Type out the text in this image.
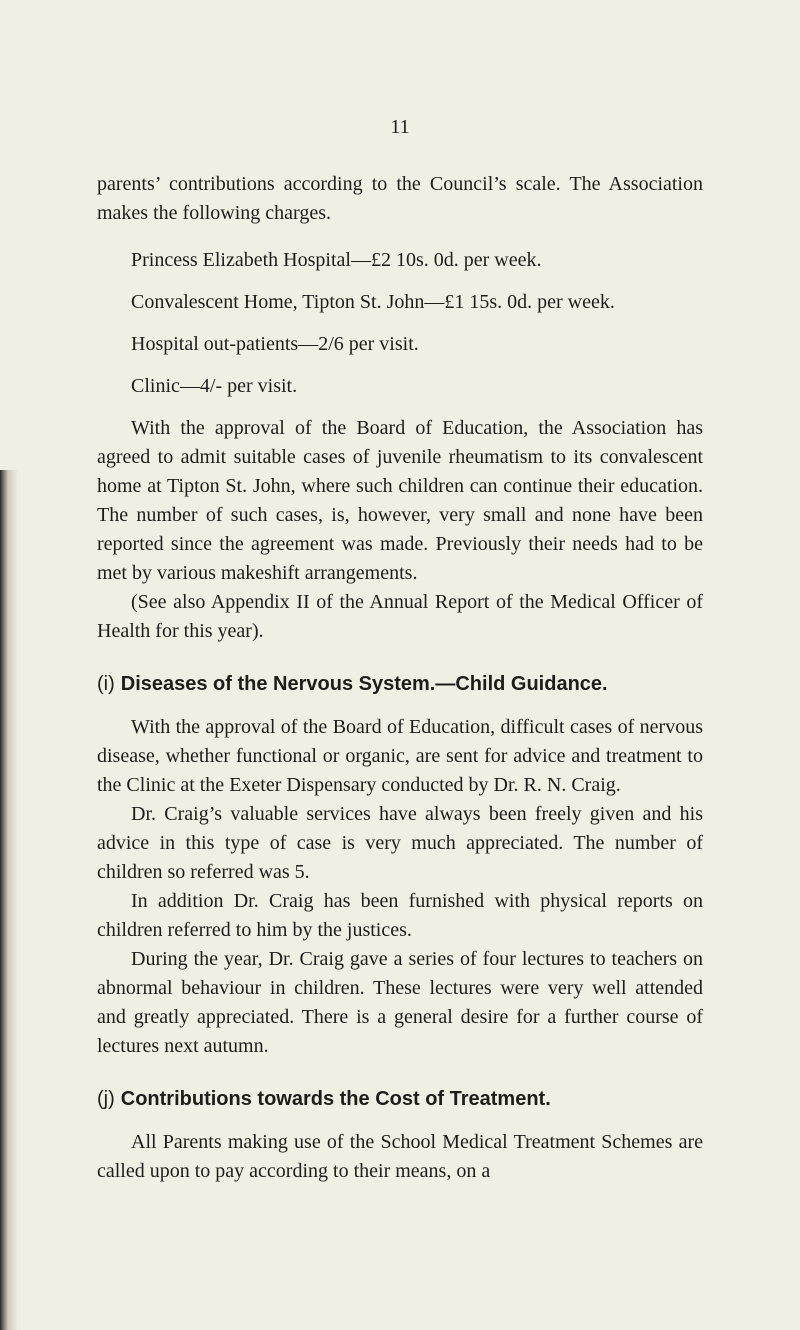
11

parents’ contributions according to the Council’s scale. The Association makes the following charges.

Princess Elizabeth Hospital—£2 10s. 0d. per week.
Convalescent Home, Tipton St. John—£1 15s. 0d. per week.
Hospital out-patients—2/6 per visit.
Clinic—4/- per visit.

With the approval of the Board of Education, the Association has agreed to admit suitable cases of juvenile rheumatism to its convalescent home at Tipton St. John, where such children can continue their education. The number of such cases, is, however, very small and none have been reported since the agreement was made. Previously their needs had to be met by various makeshift arrangements.

(See also Appendix II of the Annual Report of the Medical Officer of Health for this year).

(i) Diseases of the Nervous System.—Child Guidance.

With the approval of the Board of Education, difficult cases of nervous disease, whether functional or organic, are sent for advice and treatment to the Clinic at the Exeter Dispensary conducted by Dr. R. N. Craig.

Dr. Craig’s valuable services have always been freely given and his advice in this type of case is very much appreciated. The number of children so referred was 5.

In addition Dr. Craig has been furnished with physical reports on children referred to him by the justices.

During the year, Dr. Craig gave a series of four lectures to teachers on abnormal behaviour in children. These lectures were very well attended and greatly appreciated. There is a general desire for a further course of lectures next autumn.

(j) Contributions towards the Cost of Treatment.

All Parents making use of the School Medical Treatment Schemes are called upon to pay according to their means, on a
